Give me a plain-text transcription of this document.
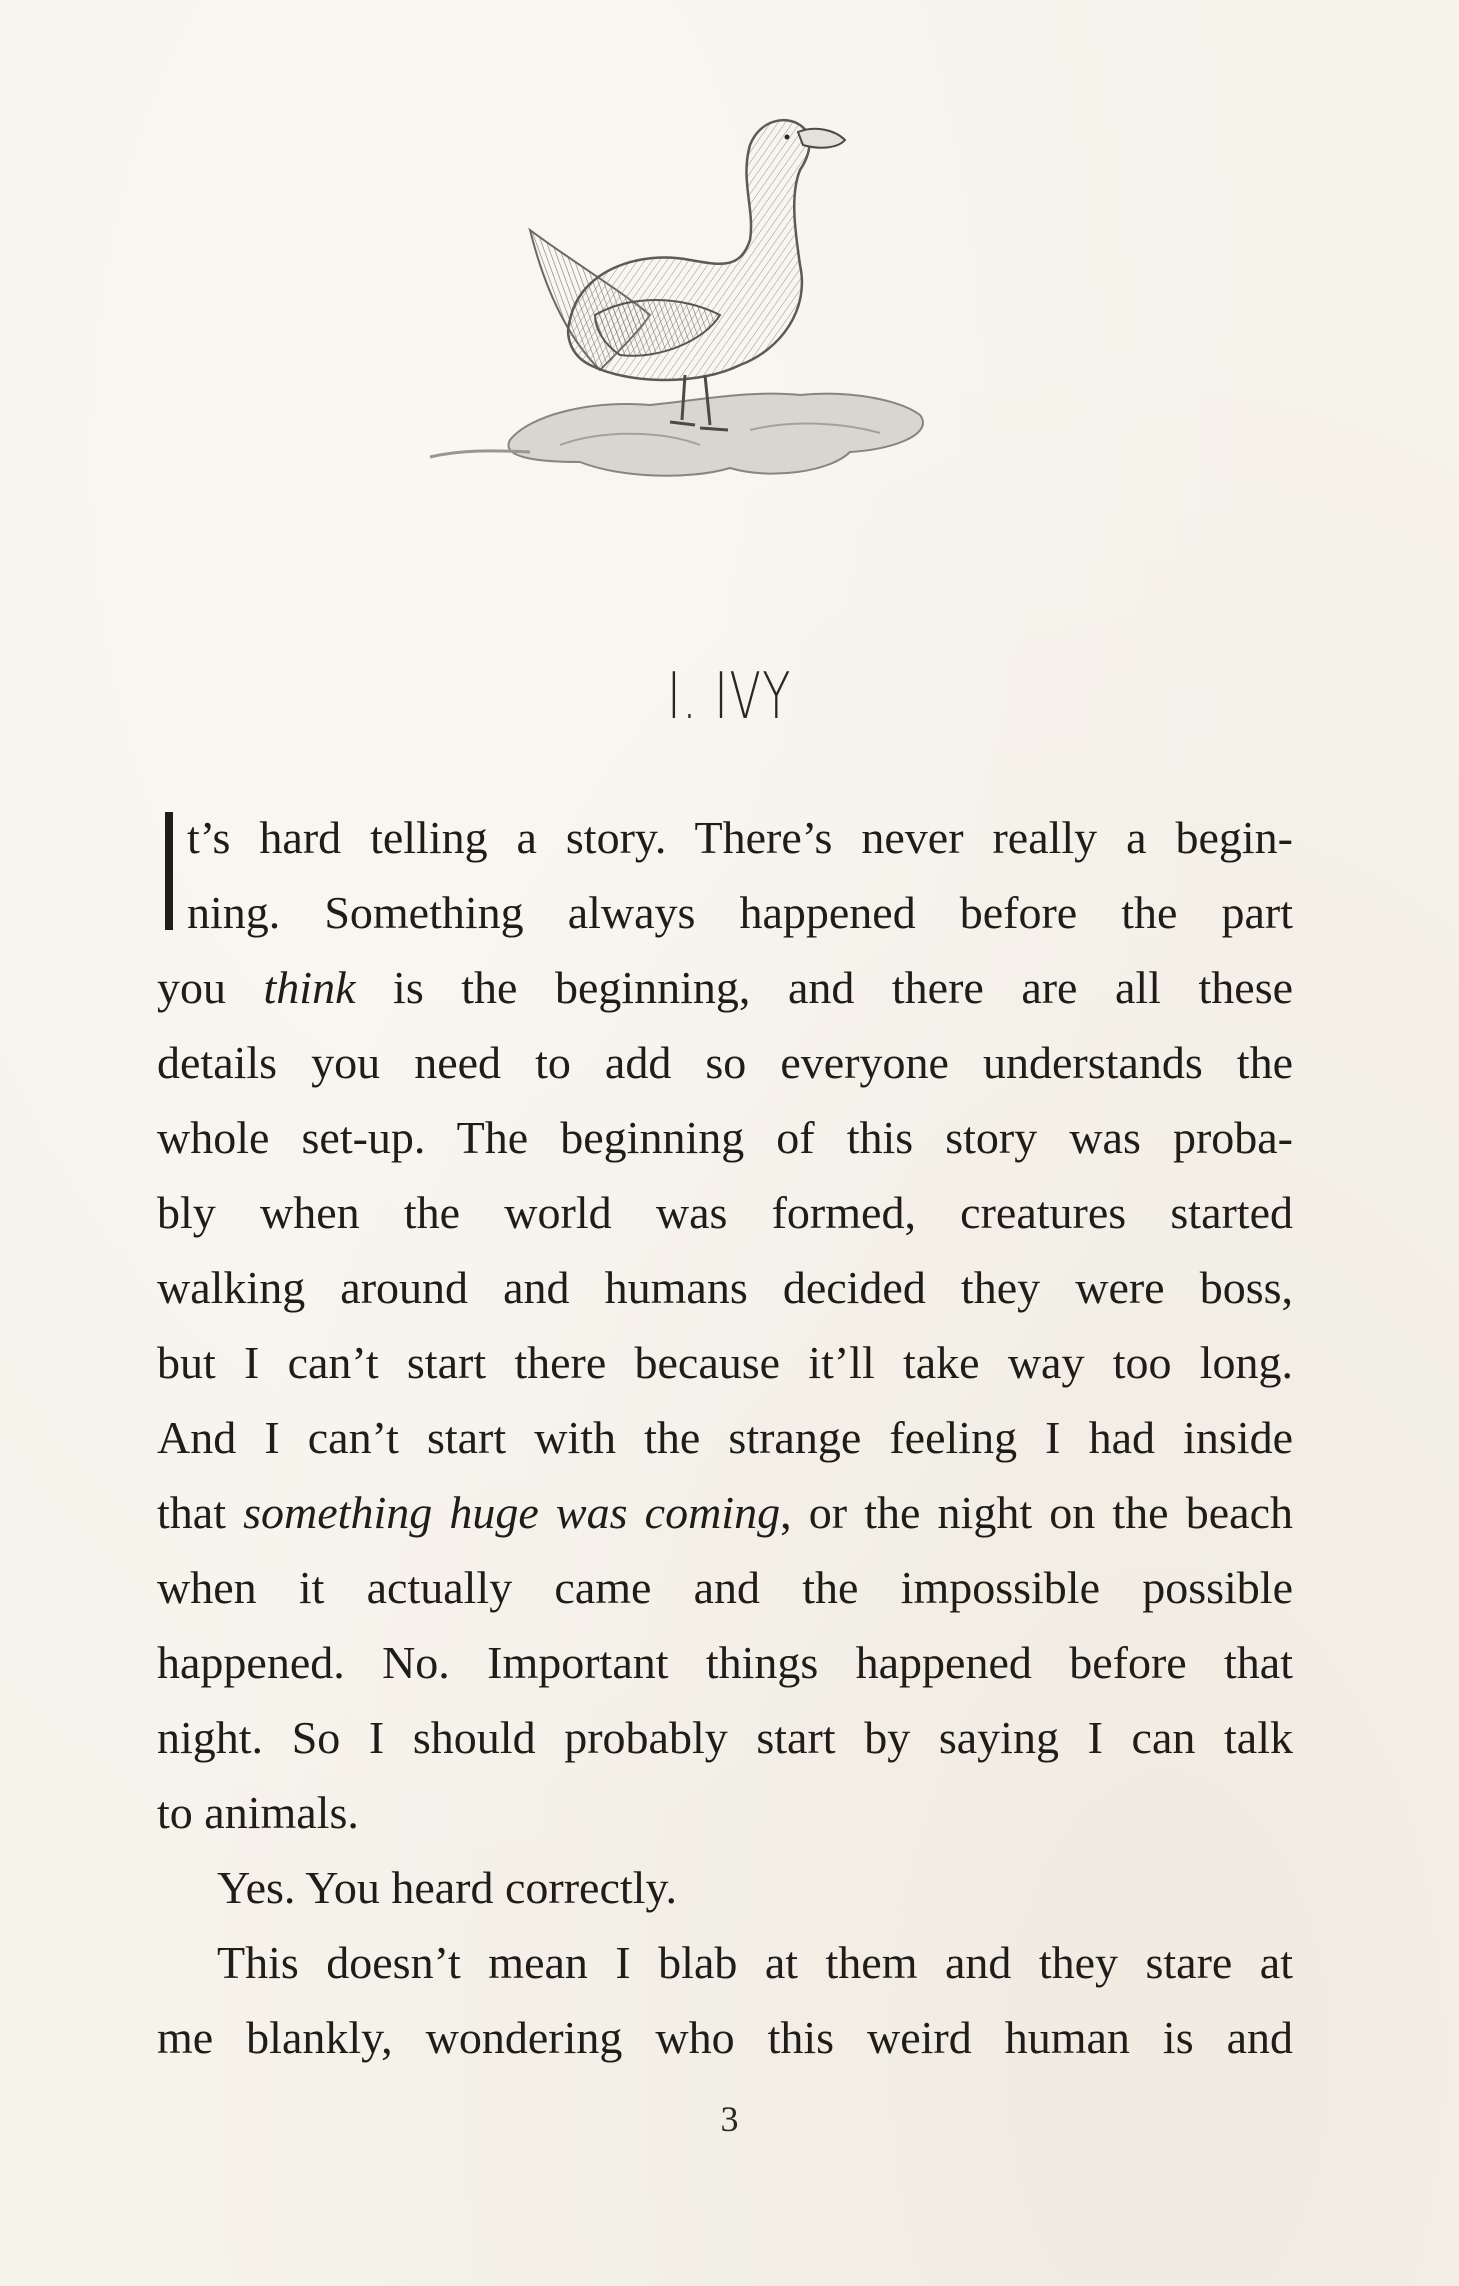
I. IVY
t’s hard telling a story. There’s never really a begin-
ning. Something always happened before the part
you think is the beginning, and there are all these
details you need to add so everyone understands the
whole set-up. The beginning of this story was proba-
bly when the world was formed, creatures started
walking around and humans decided they were boss,
but I can’t start there because it’ll take way too long.
And I can’t start with the strange feeling I had inside
that something huge was coming, or the night on the beach
when it actually came and the impossible possible
happened. No. Important things happened before that
night. So I should probably start by saying I can talk
to animals.
Yes. You heard correctly.
This doesn’t mean I blab at them and they stare at
me blankly, wondering who this weird human is and
3
